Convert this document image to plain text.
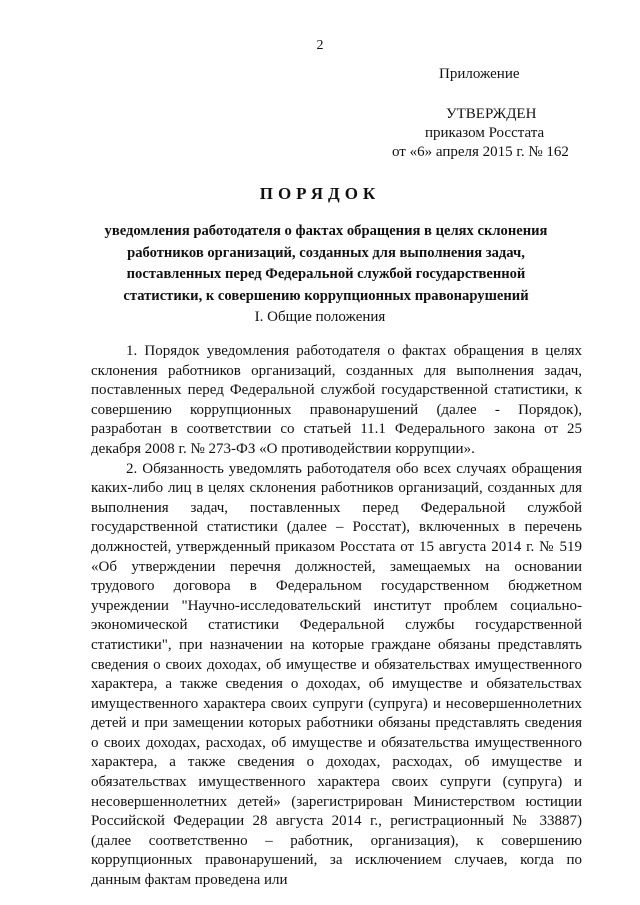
2
Приложение
УТВЕРЖДЕН
приказом Росстата
от «6» апреля 2015 г. № 162
ПОРЯДОК
уведомления работодателя о фактах обращения в целях склонения работников организаций, созданных для выполнения задач, поставленных перед Федеральной службой государственной статистики, к совершению коррупционных правонарушений
I. Общие положения

1. Порядок уведомления работодателя о фактах обращения в целях склонения работников организаций, созданных для выполнения задач, поставленных перед Федеральной службой государственной статистики, к совершению коррупционных правонарушений (далее - Порядок), разработан в соответствии со статьей 11.1 Федерального закона от 25 декабря 2008 г. № 273-ФЗ «О противодействии коррупции».

2. Обязанность уведомлять работодателя обо всех случаях обращения каких-либо лиц в целях склонения работников организаций, созданных для выполнения задач, поставленных перед Федеральной службой государственной статистики (далее – Росстат), включенных в перечень должностей, утвержденный приказом Росстата от 15 августа 2014 г. № 519 «Об утверждении перечня должностей, замещаемых на основании трудового договора в Федеральном государственном бюджетном учреждении "Научно-исследовательский институт проблем социально-экономической статистики Федеральной службы государственной статистики", при назначении на которые граждане обязаны представлять сведения о своих доходах, об имуществе и обязательствах имущественного характера, а также сведения о доходах, об имуществе и обязательствах имущественного характера своих супруги (супруга) и несовершеннолетних детей и при замещении которых работники обязаны представлять сведения о своих доходах, расходах, об имуществе и обязательства имущественного характера, а также сведения о доходах, расходах, об имуществе и обязательствах имущественного характера своих супруги (супруга) и несовершеннолетних детей» (зарегистрирован Министерством юстиции Российской Федерации 28 августа 2014 г., регистрационный № 33887) (далее соответственно – работник, организация), к совершению коррупционных правонарушений, за исключением случаев, когда по данным фактам проведена или
